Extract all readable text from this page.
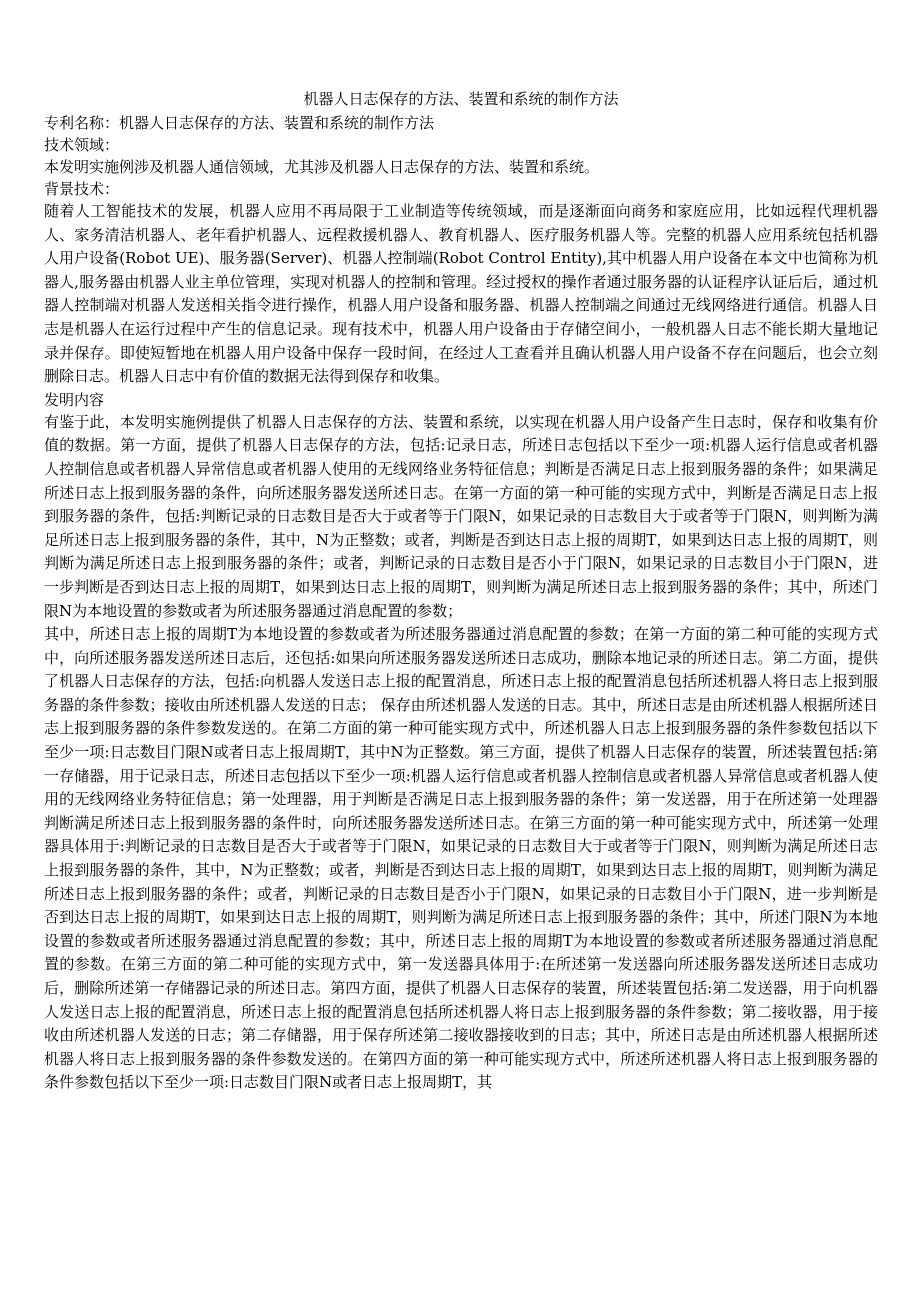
机器人日志保存的方法、装置和系统的制作方法

专利名称：机器人日志保存的方法、装置和系统的制作方法

技术领域：

本发明实施例涉及机器人通信领域，尤其涉及机器人日志保存的方法、装置和系统。

背景技术：

随着人工智能技术的发展，机器人应用不再局限于工业制造等传统领域，而是逐渐面向商务和家庭应用，比如远程代理机器人、家务清洁机器人、老年看护机器人、远程救援机器人、教育机器人、医疗服务机器人等。完整的机器人应用系统包括机器人用户设备(Robot UE)、服务器(Server)、机器人控制端(Robot Control Entity),其中机器人用户设备在本文中也简称为机器人,服务器由机器人业主单位管理，实现对机器人的控制和管理。经过授权的操作者通过服务器的认证程序认证后后，通过机器人控制端对机器人发送相关指令进行操作，机器人用户设备和服务器、机器人控制端之间通过无线网络进行通信。机器人日志是机器人在运行过程中产生的信息记录。现有技术中，机器人用户设备由于存储空间小，一般机器人日志不能长期大量地记录并保存。即使短暂地在机器人用户设备中保存一段时间，在经过人工查看并且确认机器人用户设备不存在问题后，也会立刻删除日志。机器人日志中有价值的数据无法得到保存和收集。

发明内容

有鉴于此，本发明实施例提供了机器人日志保存的方法、装置和系统，以实现在机器人用户设备产生日志时，保存和收集有价值的数据。第一方面，提供了机器人日志保存的方法，包括:记录日志，所述日志包括以下至少一项:机器人运行信息或者机器人控制信息或者机器人异常信息或者机器人使用的无线网络业务特征信息；判断是否满足日志上报到服务器的条件；如果满足所述日志上报到服务器的条件，向所述服务器发送所述日志。在第一方面的第一种可能的实现方式中，判断是否满足日志上报到服务器的条件，包括:判断记录的日志数目是否大于或者等于门限N，如果记录的日志数目大于或者等于门限N，则判断为满足所述日志上报到服务器的条件，其中，N为正整数；或者，判断是否到达日志上报的周期T，如果到达日志上报的周期T，则判断为满足所述日志上报到服务器的条件；或者，判断记录的日志数目是否小于门限N，如果记录的日志数目小于门限N，进一步判断是否到达日志上报的周期T，如果到达日志上报的周期T，则判断为满足所述日志上报到服务器的条件；其中，所述门限N为本地设置的参数或者为所述服务器通过消息配置的参数；

其中，所述日志上报的周期T为本地设置的参数或者为所述服务器通过消息配置的参数；在第一方面的第二种可能的实现方式中，向所述服务器发送所述日志后，还包括:如果向所述服务器发送所述日志成功，删除本地记录的所述日志。第二方面，提供了机器人日志保存的方法，包括:向机器人发送日志上报的配置消息，所述日志上报的配置消息包括所述机器人将日志上报到服务器的条件参数；接收由所述机器人发送的日志； 保存由所述机器人发送的日志。其中，所述日志是由所述机器人根据所述日志上报到服务器的条件参数发送的。在第二方面的第一种可能实现方式中，所述机器人日志上报到服务器的条件参数包括以下至少一项:日志数目门限N或者日志上报周期T，其中N为正整数。第三方面，提供了机器人日志保存的装置，所述装置包括:第一存储器，用于记录日志，所述日志包括以下至少一项:机器人运行信息或者机器人控制信息或者机器人异常信息或者机器人使用的无线网络业务特征信息；第一处理器，用于判断是否满足日志上报到服务器的条件；第一发送器，用于在所述第一处理器判断满足所述日志上报到服务器的条件时，向所述服务器发送所述日志。在第三方面的第一种可能实现方式中，所述第一处理器具体用于:判断记录的日志数目是否大于或者等于门限N，如果记录的日志数目大于或者等于门限N，则判断为满足所述日志上报到服务器的条件，其中，N为正整数；或者，判断是否到达日志上报的周期T，如果到达日志上报的周期T，则判断为满足所述日志上报到服务器的条件；或者，判断记录的日志数目是否小于门限N，如果记录的日志数目小于门限N，进一步判断是否到达日志上报的周期T，如果到达日志上报的周期T，则判断为满足所述日志上报到服务器的条件；其中，所述门限N为本地设置的参数或者所述服务器通过消息配置的参数；其中，所述日志上报的周期T为本地设置的参数或者所述服务器通过消息配置的参数。在第三方面的第二种可能的实现方式中，第一发送器具体用于:在所述第一发送器向所述服务器发送所述日志成功后，删除所述第一存储器记录的所述日志。第四方面，提供了机器人日志保存的装置，所述装置包括:第二发送器，用于向机器人发送日志上报的配置消息，所述日志上报的配置消息包括所述机器人将日志上报到服务器的条件参数；第二接收器，用于接收由所述机器人发送的日志；第二存储器，用于保存所述第二接收器接收到的日志；其中，所述日志是由所述机器人根据所述机器人将日志上报到服务器的条件参数发送的。在第四方面的第一种可能实现方式中，所述所述机器人将日志上报到服务器的条件参数包括以下至少一项:日志数目门限N或者日志上报周期T，其
